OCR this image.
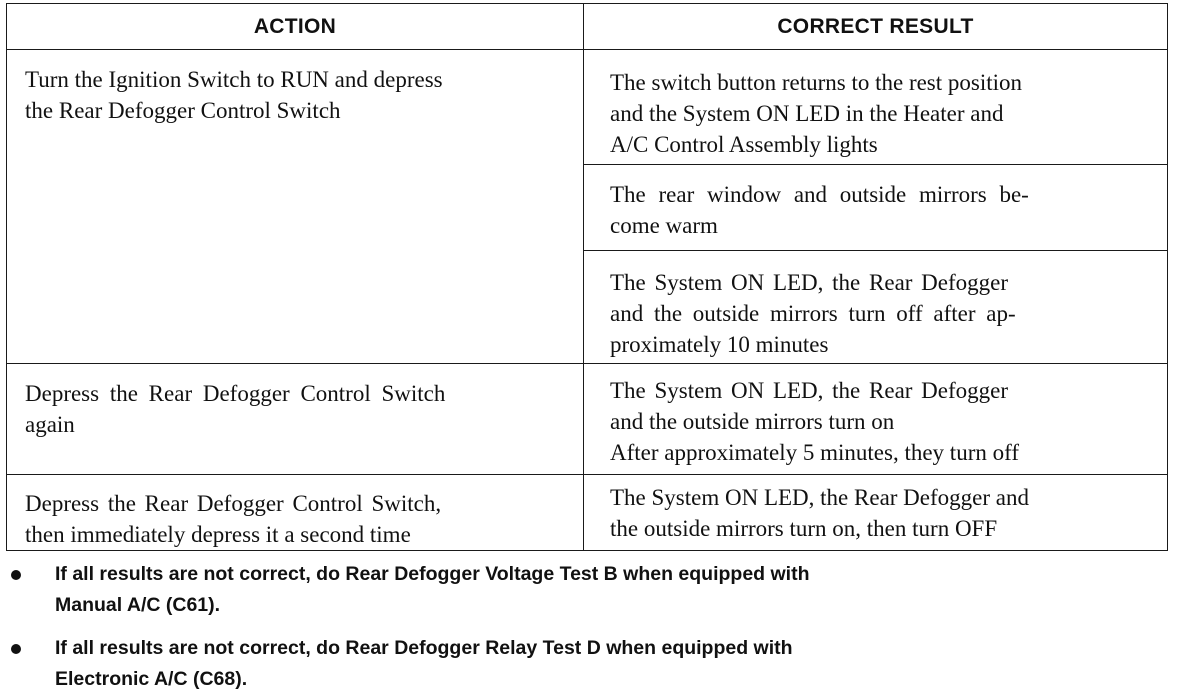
ACTION	CORRECT RESULT

Turn the Ignition Switch to RUN and depress
the Rear Defogger Control Switch	The switch button returns to the rest position
and the System ON LED in the Heater and
A/C Control Assembly lights

	The rear window and outside mirrors be-
come warm

	The System ON LED, the Rear Defogger
and the outside mirrors turn off after ap-
proximately 10 minutes

Depress the Rear Defogger Control Switch
again	The System ON LED, the Rear Defogger
and the outside mirrors turn on
After approximately 5 minutes, they turn off

Depress the Rear Defogger Control Switch,
then immediately depress it a second time	The System ON LED, the Rear Defogger and
the outside mirrors turn on, then turn OFF
If all results are not correct, do Rear Defogger Voltage Test B when equipped with
Manual A/C (C61).
If all results are not correct, do Rear Defogger Relay Test D when equipped with
Electronic A/C (C68).
